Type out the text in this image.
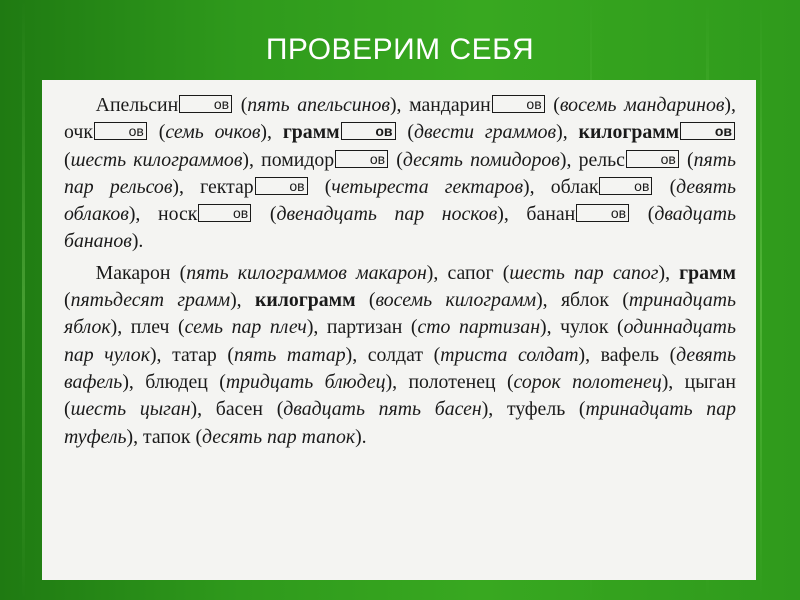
ПРОВЕРИМ СЕБЯ

Апельсин	ов (пять апельсинов), мандарин	ов (восемь мандаринов), очк	ов (семь очков), грамм	ов (двести граммов), килограмм	ов (шесть килограммов), помидор	ов (десять помидоров), рельс	ов (пять пар рельсов), гектар	ов (четыреста гектаров), облак	ов (девять облаков), носк	ов (двенадцать пар носков), банан	ов (двадцать бананов).

Макарон (пять килограммов макарон), сапог (шесть пар сапог), грамм (пятьдесят грамм), килограмм (восемь килограмм), яблок (тринадцать яблок), плеч (семь пар плеч), партизан (сто партизан), чулок (одиннадцать пар чулок), татар (пять татар), солдат (триста солдат), вафель (девять вафель), блюдец (тридцать блюдец), полотенец (сорок полотенец), цыган (шесть цыган), басен (двадцать пять басен), туфель (тринадцать пар туфель), тапок (десять пар тапок).
